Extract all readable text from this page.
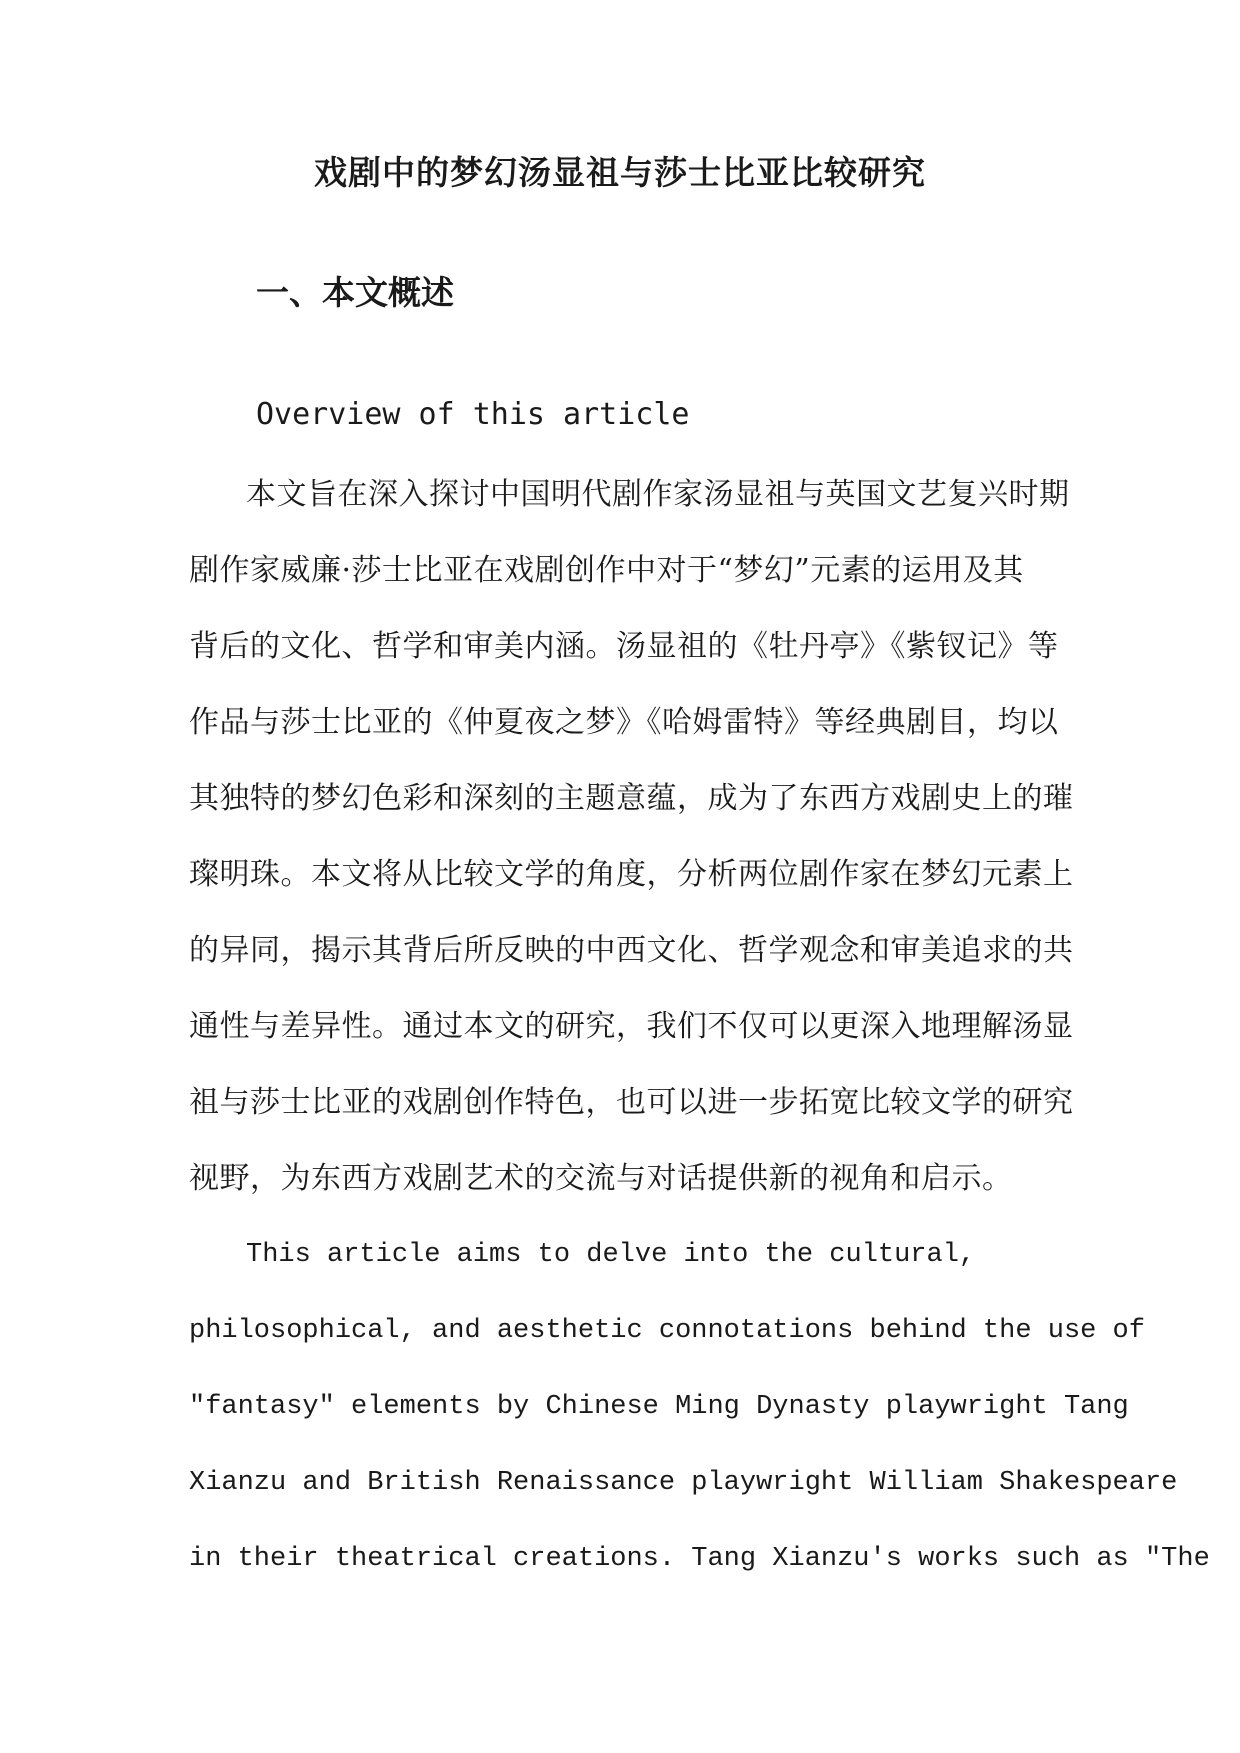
戏剧中的梦幻汤显祖与莎士比亚比较研究
一、本文概述
Overview of this article
本文旨在深入探讨中国明代剧作家汤显祖与英国文艺复兴时期
剧作家威廉·莎士比亚在戏剧创作中对于“梦幻”元素的运用及其
背后的文化、哲学和审美内涵。汤显祖的《牡丹亭》《紫钗记》等
作品与莎士比亚的《仲夏夜之梦》《哈姆雷特》等经典剧目，均以
其独特的梦幻色彩和深刻的主题意蕴，成为了东西方戏剧史上的璀
璨明珠。本文将从比较文学的角度，分析两位剧作家在梦幻元素上
的异同，揭示其背后所反映的中西文化、哲学观念和审美追求的共
通性与差异性。通过本文的研究，我们不仅可以更深入地理解汤显
祖与莎士比亚的戏剧创作特色，也可以进一步拓宽比较文学的研究
视野，为东西方戏剧艺术的交流与对话提供新的视角和启示。
This article aims to delve into the cultural,
philosophical, and aesthetic connotations behind the use of
"fantasy" elements by Chinese Ming Dynasty playwright Tang
Xianzu and British Renaissance playwright William Shakespeare
in their theatrical creations. Tang Xianzu's works such as "The
